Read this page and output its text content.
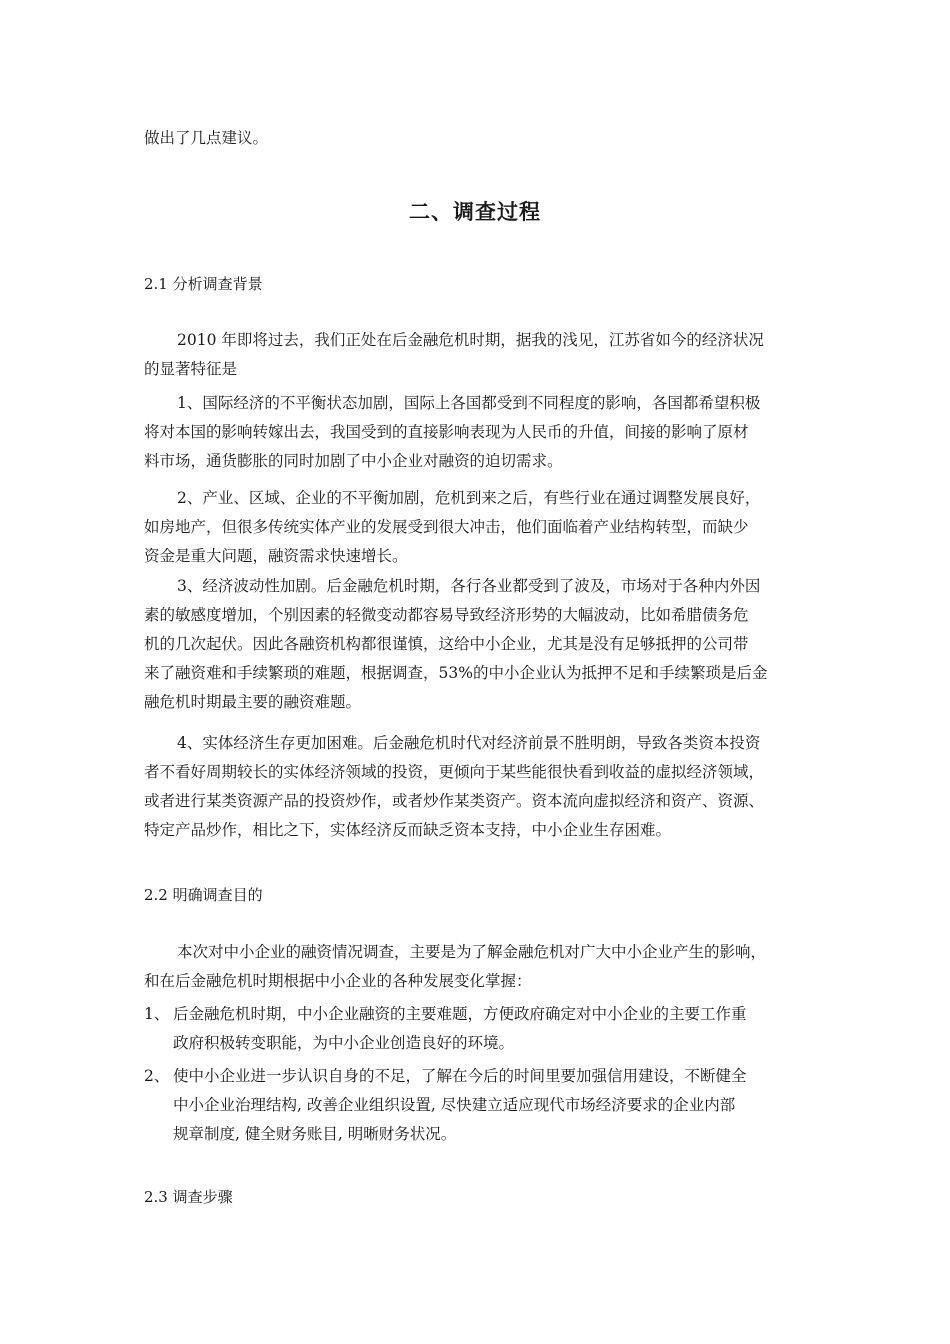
做出了几点建议。
二、调查过程
2.1 分析调查背景
2010 年即将过去，我们正处在后金融危机时期，据我的浅见，江苏省如今的经济状况
的显著特征是
1、国际经济的不平衡状态加剧，国际上各国都受到不同程度的影响，各国都希望积极
将对本国的影响转嫁出去，我国受到的直接影响表现为人民币的升值，间接的影响了原材
料市场，通货膨胀的同时加剧了中小企业对融资的迫切需求。
2、产业、区域、企业的不平衡加剧，危机到来之后，有些行业在通过调整发展良好，
如房地产，但很多传统实体产业的发展受到很大冲击，他们面临着产业结构转型，而缺少
资金是重大问题，融资需求快速增长。
3、经济波动性加剧。后金融危机时期，各行各业都受到了波及，市场对于各种内外因
素的敏感度增加，个别因素的轻微变动都容易导致经济形势的大幅波动，比如希腊债务危
机的几次起伏。因此各融资机构都很谨慎，这给中小企业，尤其是没有足够抵押的公司带
来了融资难和手续繁琐的难题，根据调查，53%的中小企业认为抵押不足和手续繁琐是后金
融危机时期最主要的融资难题。
4、实体经济生存更加困难。后金融危机时代对经济前景不胜明朗，导致各类资本投资
者不看好周期较长的实体经济领域的投资，更倾向于某些能很快看到收益的虚拟经济领域，
或者进行某类资源产品的投资炒作，或者炒作某类资产。资本流向虚拟经济和资产、资源、
特定产品炒作，相比之下，实体经济反而缺乏资本支持，中小企业生存困难。
2.2 明确调查目的
本次对中小企业的融资情况调查，主要是为了解金融危机对广大中小企业产生的影响，
和在后金融危机时期根据中小企业的各种发展变化掌握：
1、 后金融危机时期，中小企业融资的主要难题，方便政府确定对中小企业的主要工作重
政府积极转变职能，为中小企业创造良好的环境。
2、 使中小企业进一步认识自身的不足，了解在今后的时间里要加强信用建设，不断健全
中小企业治理结构, 改善企业组织设置, 尽快建立适应现代市场经济要求的企业内部
规章制度, 健全财务账目, 明晰财务状况。
2.3 调查步骤
